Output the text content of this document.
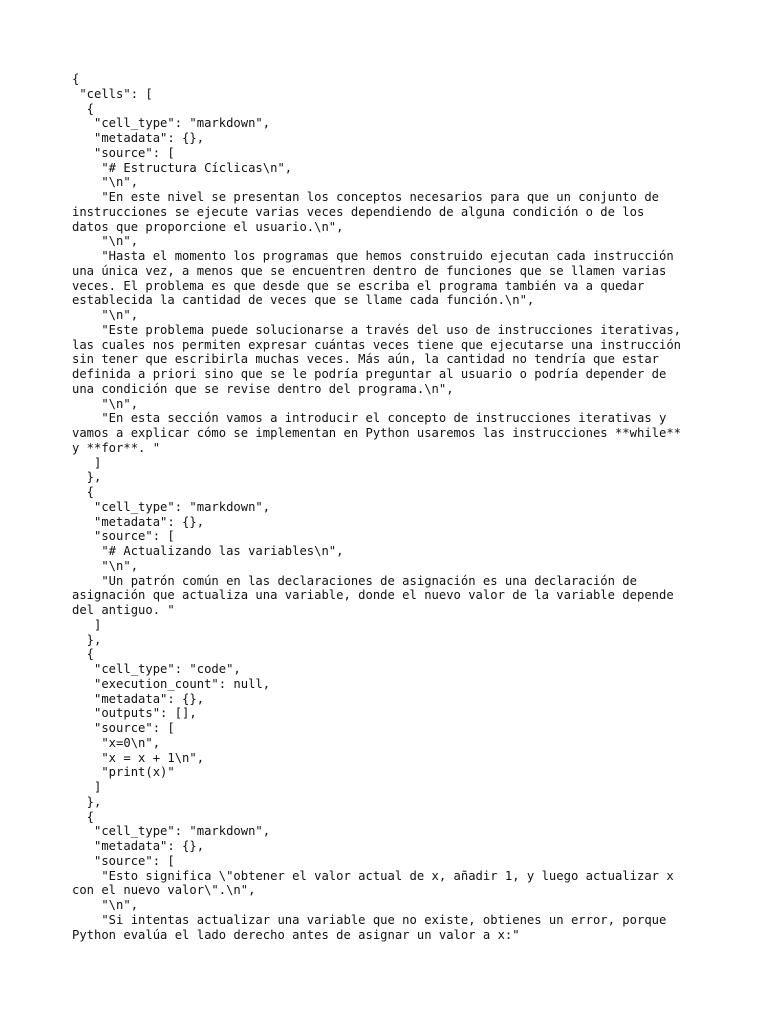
{
"cells": [
{
"cell_type": "markdown",
"metadata": {},
"source": [
"# Estructura Cíclicas\n",
"\n",
"En este nivel se presentan los conceptos necesarios para que un conjunto de
instrucciones se ejecute varias veces dependiendo de alguna condición o de los
datos que proporcione el usuario.\n",
"\n",
"Hasta el momento los programas que hemos construido ejecutan cada instrucción
una única vez, a menos que se encuentren dentro de funciones que se llamen varias
veces. El problema es que desde que se escriba el programa también va a quedar
establecida la cantidad de veces que se llame cada función.\n",
"\n",
"Este problema puede solucionarse a través del uso de instrucciones iterativas,
las cuales nos permiten expresar cuántas veces tiene que ejecutarse una instrucción
sin tener que escribirla muchas veces. Más aún, la cantidad no tendría que estar
definida a priori sino que se le podría preguntar al usuario o podría depender de
una condición que se revise dentro del programa.\n",
"\n",
"En esta sección vamos a introducir el concepto de instrucciones iterativas y
vamos a explicar cómo se implementan en Python usaremos las instrucciones **while**
y **for**. "
]
},
{
"cell_type": "markdown",
"metadata": {},
"source": [
"# Actualizando las variables\n",
"\n",
"Un patrón común en las declaraciones de asignación es una declaración de
asignación que actualiza una variable, donde el nuevo valor de la variable depende
del antiguo. "
]
},
{
"cell_type": "code",
"execution_count": null,
"metadata": {},
"outputs": [],
"source": [
"x=0\n",
"x = x + 1\n",
"print(x)"
]
},
{
"cell_type": "markdown",
"metadata": {},
"source": [
"Esto significa \"obtener el valor actual de x, añadir 1, y luego actualizar x
con el nuevo valor\".\n",
"\n",
"Si intentas actualizar una variable que no existe, obtienes un error, porque
Python evalúa el lado derecho antes de asignar un valor a x:"
